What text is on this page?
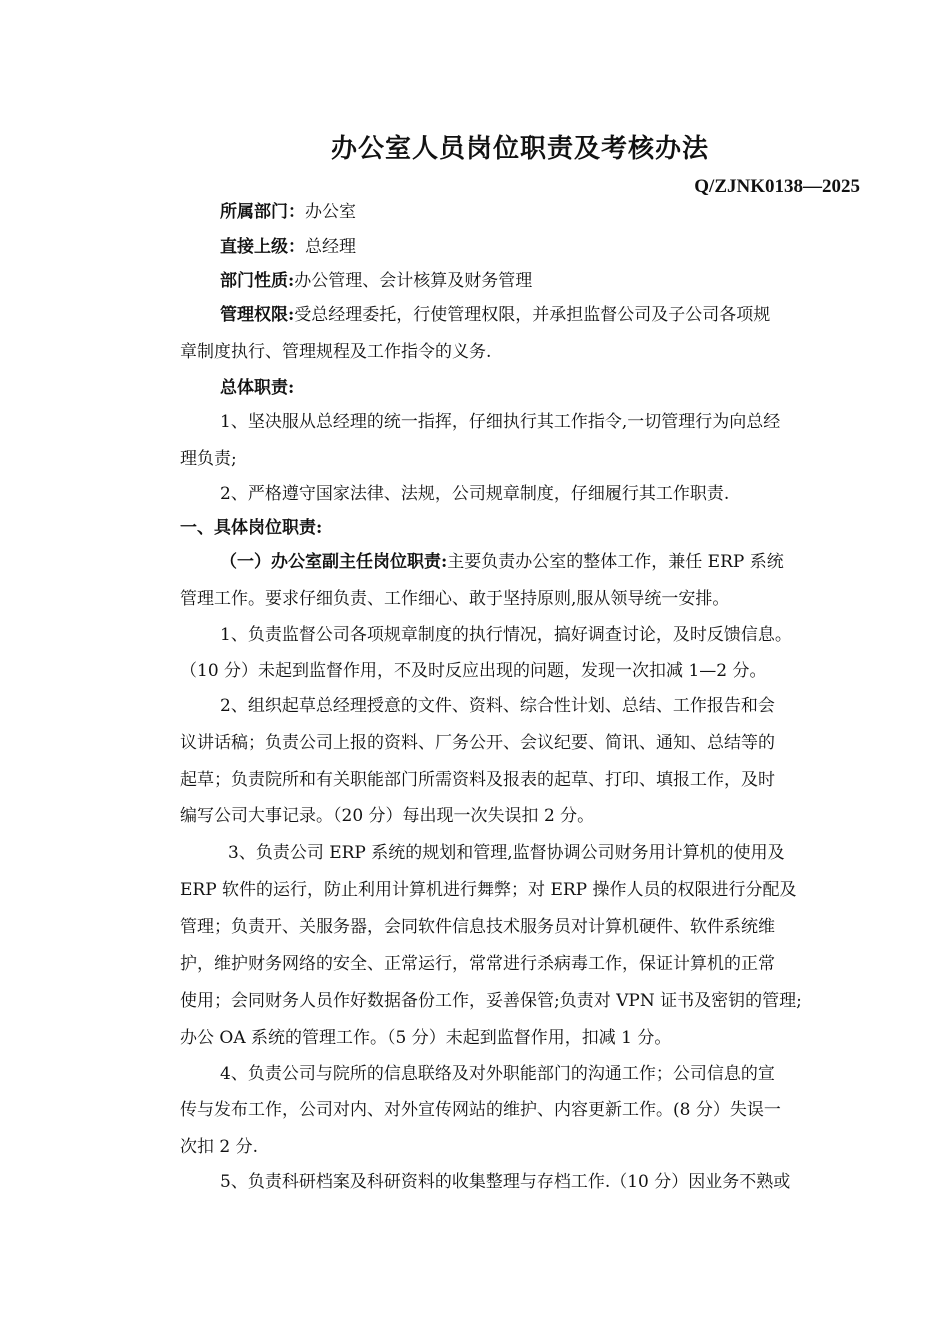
办公室人员岗位职责及考核办法
Q/ZJNK0138—2025
所属部门：办公室
直接上级：总经理
部门性质:办公管理、会计核算及财务管理
管理权限:受总经理委托，行使管理权限，并承担监督公司及子公司各项规
章制度执行、管理规程及工作指令的义务.
总体职责:
1、坚决服从总经理的统一指挥，仔细执行其工作指令,一切管理行为向总经
理负责;
2、严格遵守国家法律、法规，公司规章制度，仔细履行其工作职责.
一、具体岗位职责:
（一）办公室副主任岗位职责:主要负责办公室的整体工作，兼任 ERP 系统
管理工作。要求仔细负责、工作细心、敢于坚持原则,服从领导统一安排。
1、负责监督公司各项规章制度的执行情况，搞好调查讨论，及时反馈信息。
（10 分）未起到监督作用，不及时反应出现的问题，发现一次扣减 1—2 分。
2、组织起草总经理授意的文件、资料、综合性计划、总结、工作报告和会
议讲话稿；负责公司上报的资料、厂务公开、会议纪要、简讯、通知、总结等的
起草；负责院所和有关职能部门所需资料及报表的起草、打印、填报工作，及时
编写公司大事记录。（20 分）每出现一次失误扣 2 分。
3、负责公司 ERP 系统的规划和管理,监督协调公司财务用计算机的使用及
ERP 软件的运行，防止利用计算机进行舞弊；对 ERP 操作人员的权限进行分配及
管理；负责开、关服务器，会同软件信息技术服务员对计算机硬件、软件系统维
护，维护财务网络的安全、正常运行，常常进行杀病毒工作，保证计算机的正常
使用；会同财务人员作好数据备份工作，妥善保管;负责对 VPN 证书及密钥的管理;
办公 OA 系统的管理工作。（5 分）未起到监督作用，扣减 1 分。
4、负责公司与院所的信息联络及对外职能部门的沟通工作；公司信息的宣
传与发布工作，公司对内、对外宣传网站的维护、内容更新工作。(8 分）失误一
次扣 2 分.
5、负责科研档案及科研资料的收集整理与存档工作.（10 分）因业务不熟或
